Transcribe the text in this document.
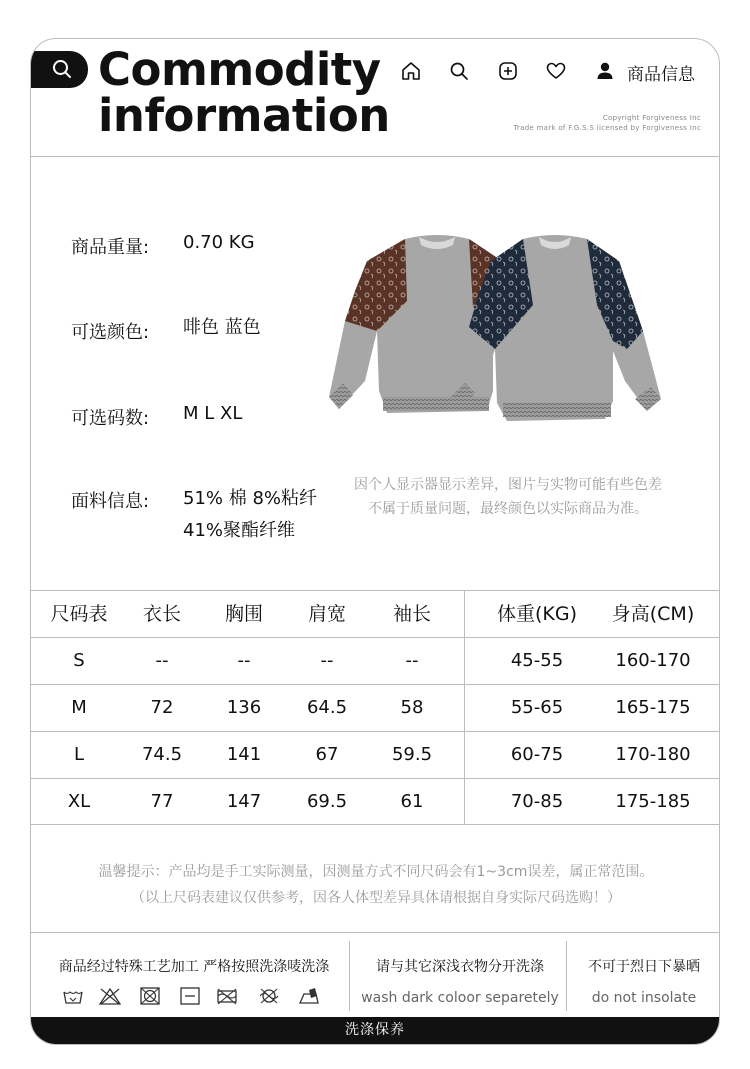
Commodity
information
商品信息
Copyright Forgiveness Inc
Trade mark of F.G.S.S licensed by Forgiveness Inc
商品重量: 0.70 KG
可选颜色: 啡色 蓝色
可选码数: M L XL
面料信息: 51% 棉 8%粘纤
41%聚酯纤维
因个人显示器显示差异，图片与实物可能有些色差
不属于质量问题，最终颜色以实际商品为准。
尺码表	衣长	胸围	肩宽	袖长	体重(KG)	身高(CM)
S	--	--	--	--	45-55	160-170
M	72	136	64.5	58	55-65	165-175
L	74.5	141	67	59.5	60-75	170-180
XL	77	147	69.5	61	70-85	175-185
温馨提示：产品均是手工实际测量，因测量方式不同尺码会有1~3cm误差，属正常范围。
（以上尺码表建议仅供参考，因各人体型差异具体请根据自身实际尺码选购！）
商品经过特殊工艺加工 严格按照洗涤唛洗涤	请与其它深浅衣物分开洗涤
wash dark coloor separetely
不可于烈日下暴晒
do not insolate
洗涤保养
